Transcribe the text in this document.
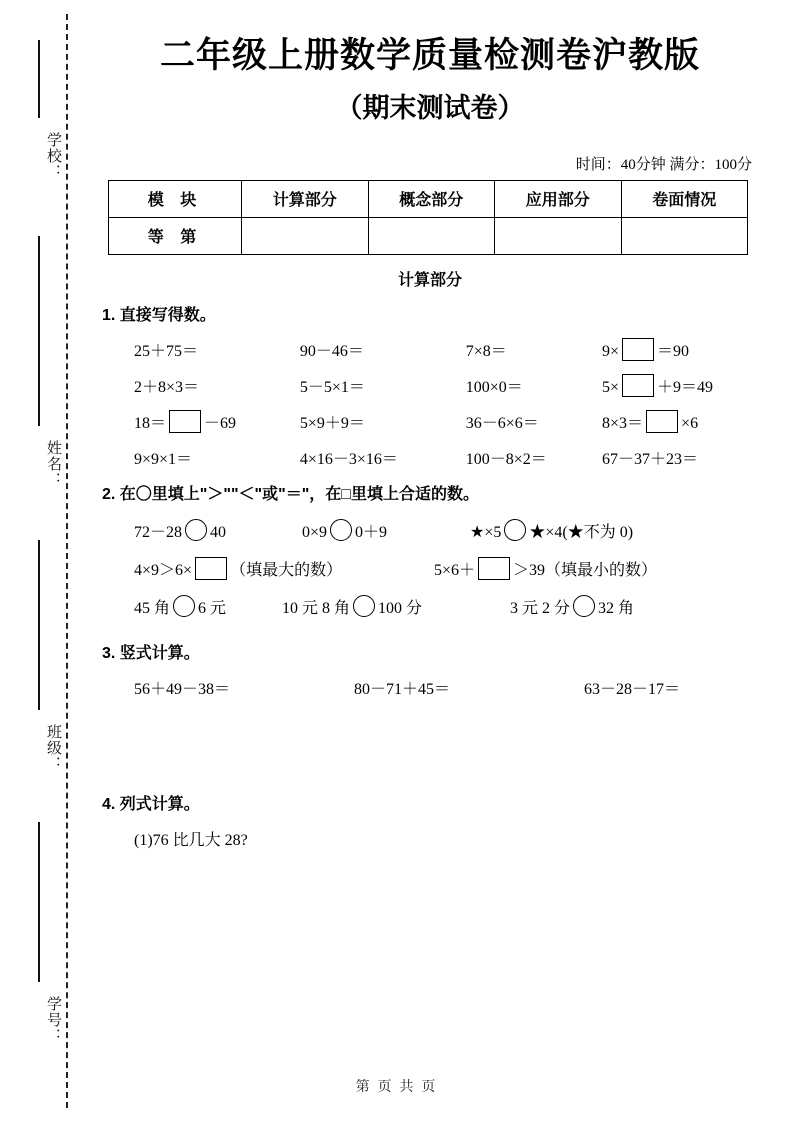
学校：
姓名：
班级：
学号：
二年级上册数学质量检测卷沪教版
（期末测试卷）
时间：40分钟 满分：100分
模 块	计算部分	概念部分	应用部分	卷面情况
等 第				
计算部分
1. 直接写得数。
25＋75＝	90－46＝	7×8＝	9× ＝90
2＋8×3＝	5－5×1＝	100×0＝	5× ＋9＝49
18＝ －69	5×9＋9＝	36－6×6＝	8×3＝ ×6
9×9×1＝	4×16－3×16＝	100－8×2＝	67－37＋23＝
2. 在〇里填上"＞""＜"或"＝"，在□里填上合适的数。
72－28 40	0×9 0＋9	★×5 ★×4(★不为 0)
4×9＞6× （填最大的数）	5×6＋ ＞39（填最小的数）
45 角 6 元	10 元 8 角 100 分	3 元 2 分 32 角
3. 竖式计算。
56＋49－38＝	80－71＋45＝	63－28－17＝
4. 列式计算。
(1)76 比几大 28?
第 页 共 页
